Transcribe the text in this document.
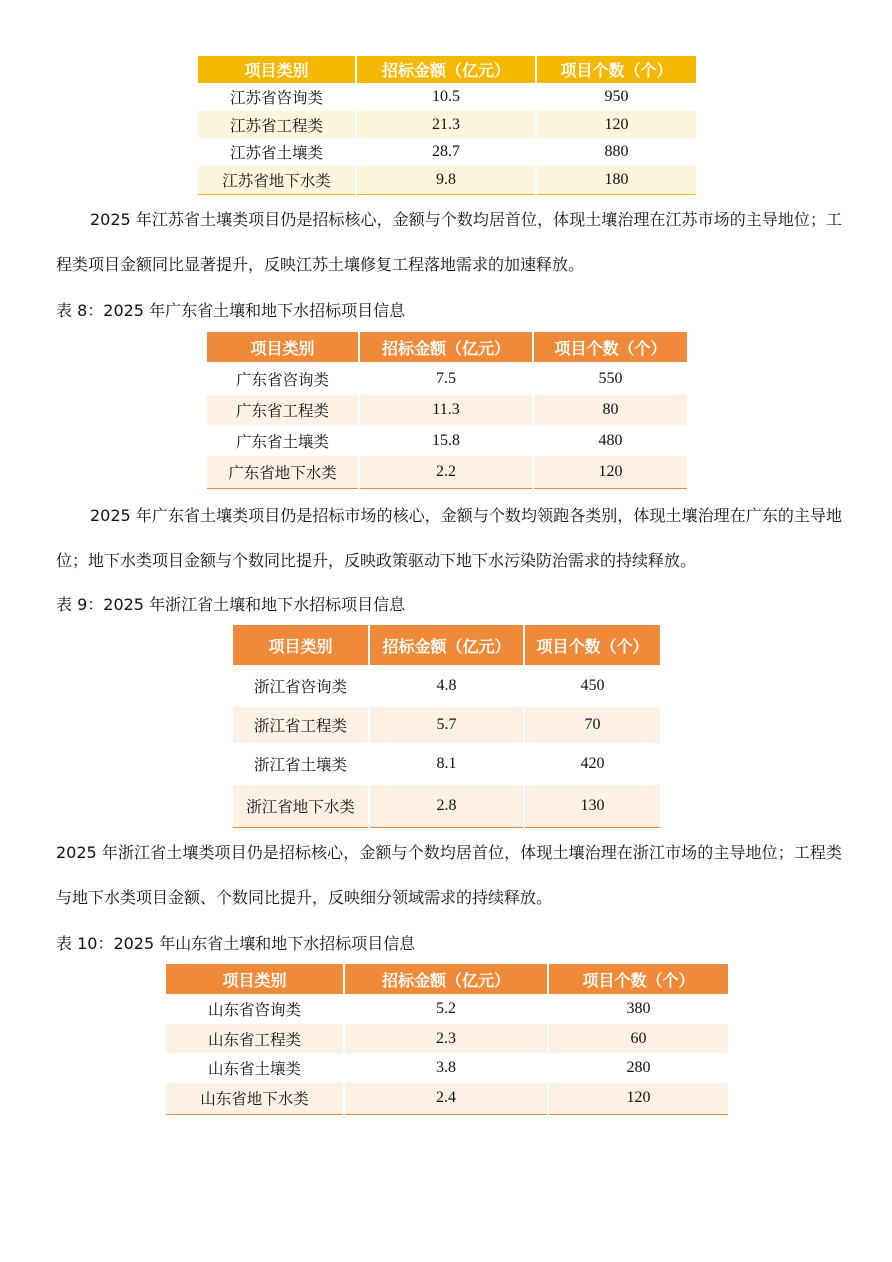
项目类别	招标金额（亿元）	项目个数（个）
江苏省咨询类	10.5	950
江苏省工程类	21.3	120
江苏省土壤类	28.7	880
江苏省地下水类	9.8	180

2025 年江苏省土壤类项目仍是招标核心，金额与个数均居首位，体现土壤治理在江苏市场的主导地位；工程类项目金额同比显著提升，反映江苏土壤修复工程落地需求的加速释放。

表 8：2025 年广东省土壤和地下水招标项目信息
项目类别	招标金额（亿元）	项目个数（个）
广东省咨询类	7.5	550
广东省工程类	11.3	80
广东省土壤类	15.8	480
广东省地下水类	2.2	120

2025 年广东省土壤类项目仍是招标市场的核心，金额与个数均领跑各类别，体现土壤治理在广东的主导地位；地下水类项目金额与个数同比提升，反映政策驱动下地下水污染防治需求的持续释放。

表 9：2025 年浙江省土壤和地下水招标项目信息
项目类别	招标金额（亿元）	项目个数（个）
浙江省咨询类	4.8	450
浙江省工程类	5.7	70
浙江省土壤类	8.1	420
浙江省地下水类	2.8	130

2025 年浙江省土壤类项目仍是招标核心，金额与个数均居首位，体现土壤治理在浙江市场的主导地位；工程类与地下水类项目金额、个数同比提升，反映细分领域需求的持续释放。

表 10：2025 年山东省土壤和地下水招标项目信息
项目类别	招标金额（亿元）	项目个数（个）
山东省咨询类	5.2	380
山东省工程类	2.3	60
山东省土壤类	3.8	280
山东省地下水类	2.4	120
